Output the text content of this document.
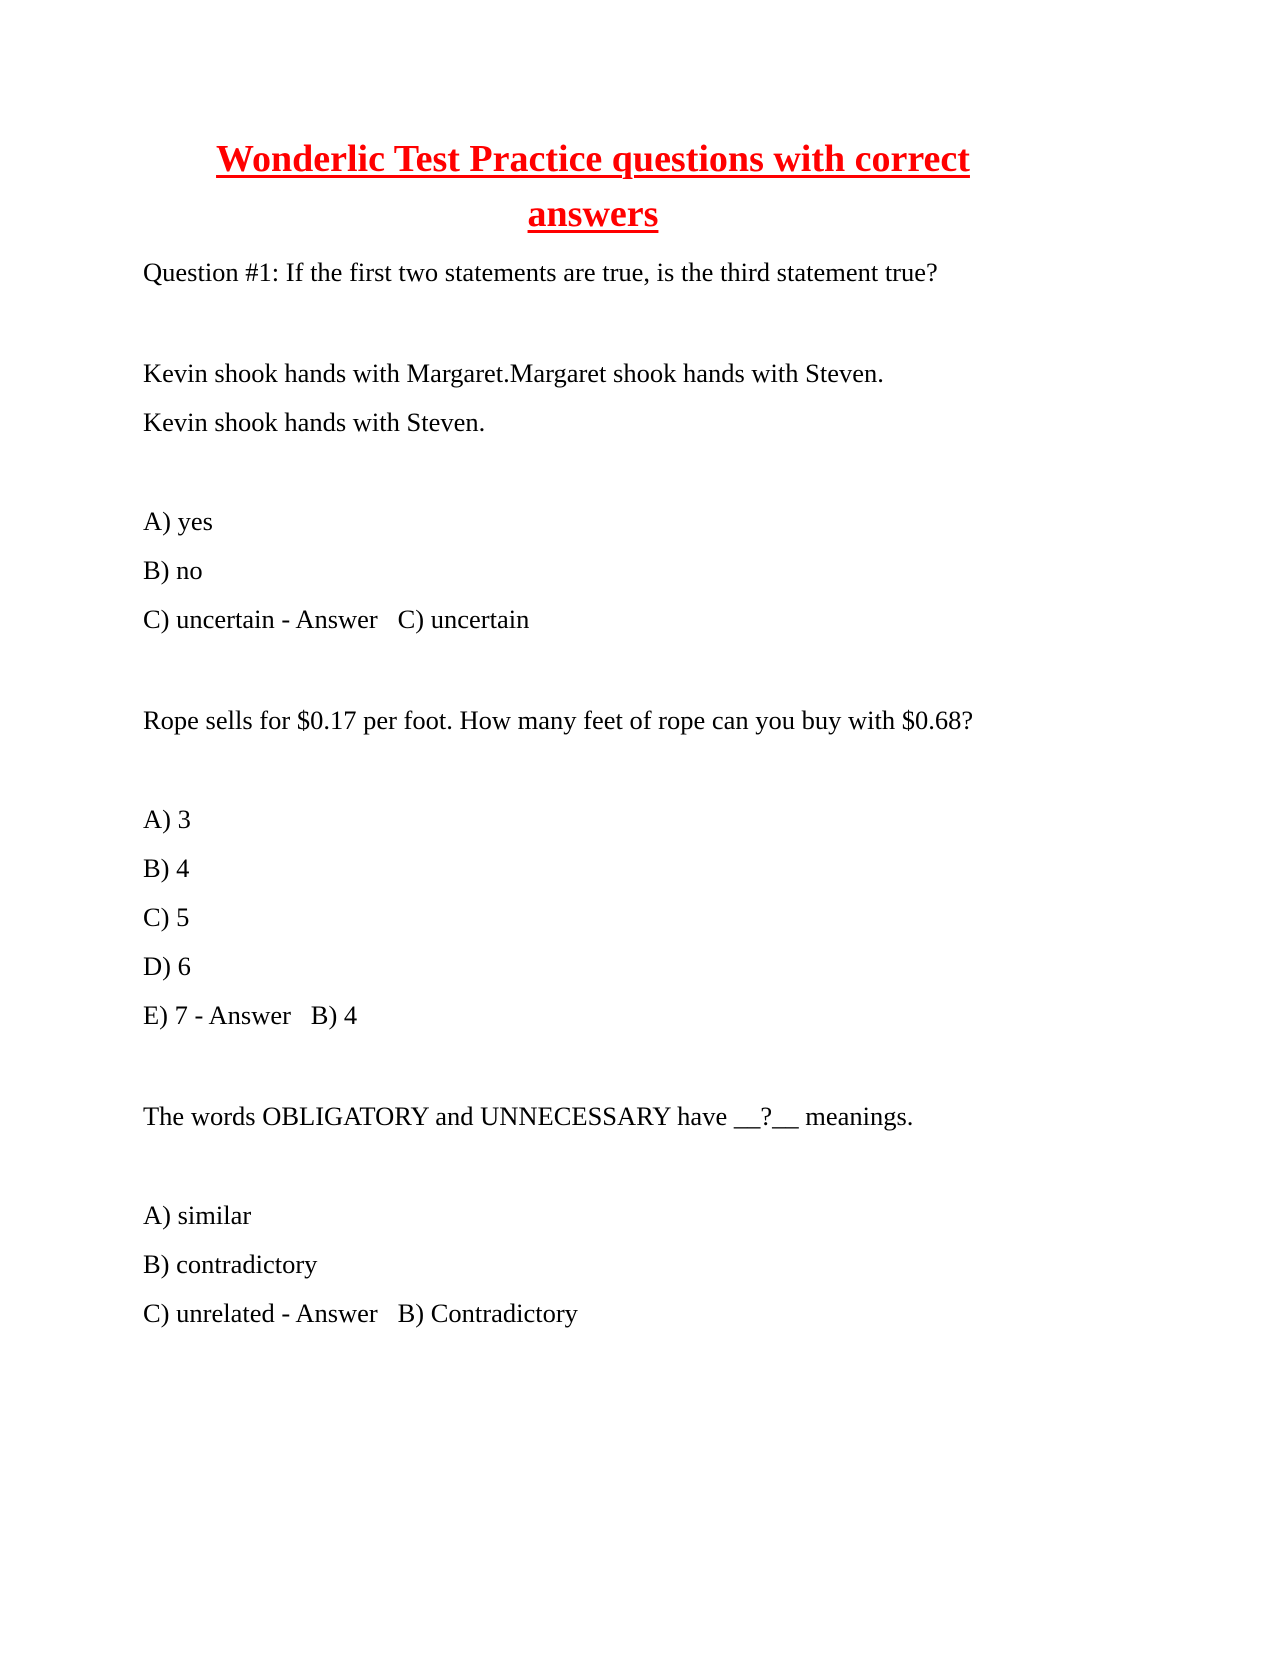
Wonderlic Test Practice questions with correct
answers

Question #1: If the first two statements are true, is the third statement true?

Kevin shook hands with Margaret.Margaret shook hands with Steven.

Kevin shook hands with Steven.

A) yes

B) no

C) uncertain - Answer   C) uncertain

Rope sells for $0.17 per foot. How many feet of rope can you buy with $0.68?

A) 3

B) 4

C) 5

D) 6

E) 7 - Answer   B) 4

The words OBLIGATORY and UNNECESSARY have __?__ meanings.

A) similar

B) contradictory

C) unrelated - Answer   B) Contradictory
